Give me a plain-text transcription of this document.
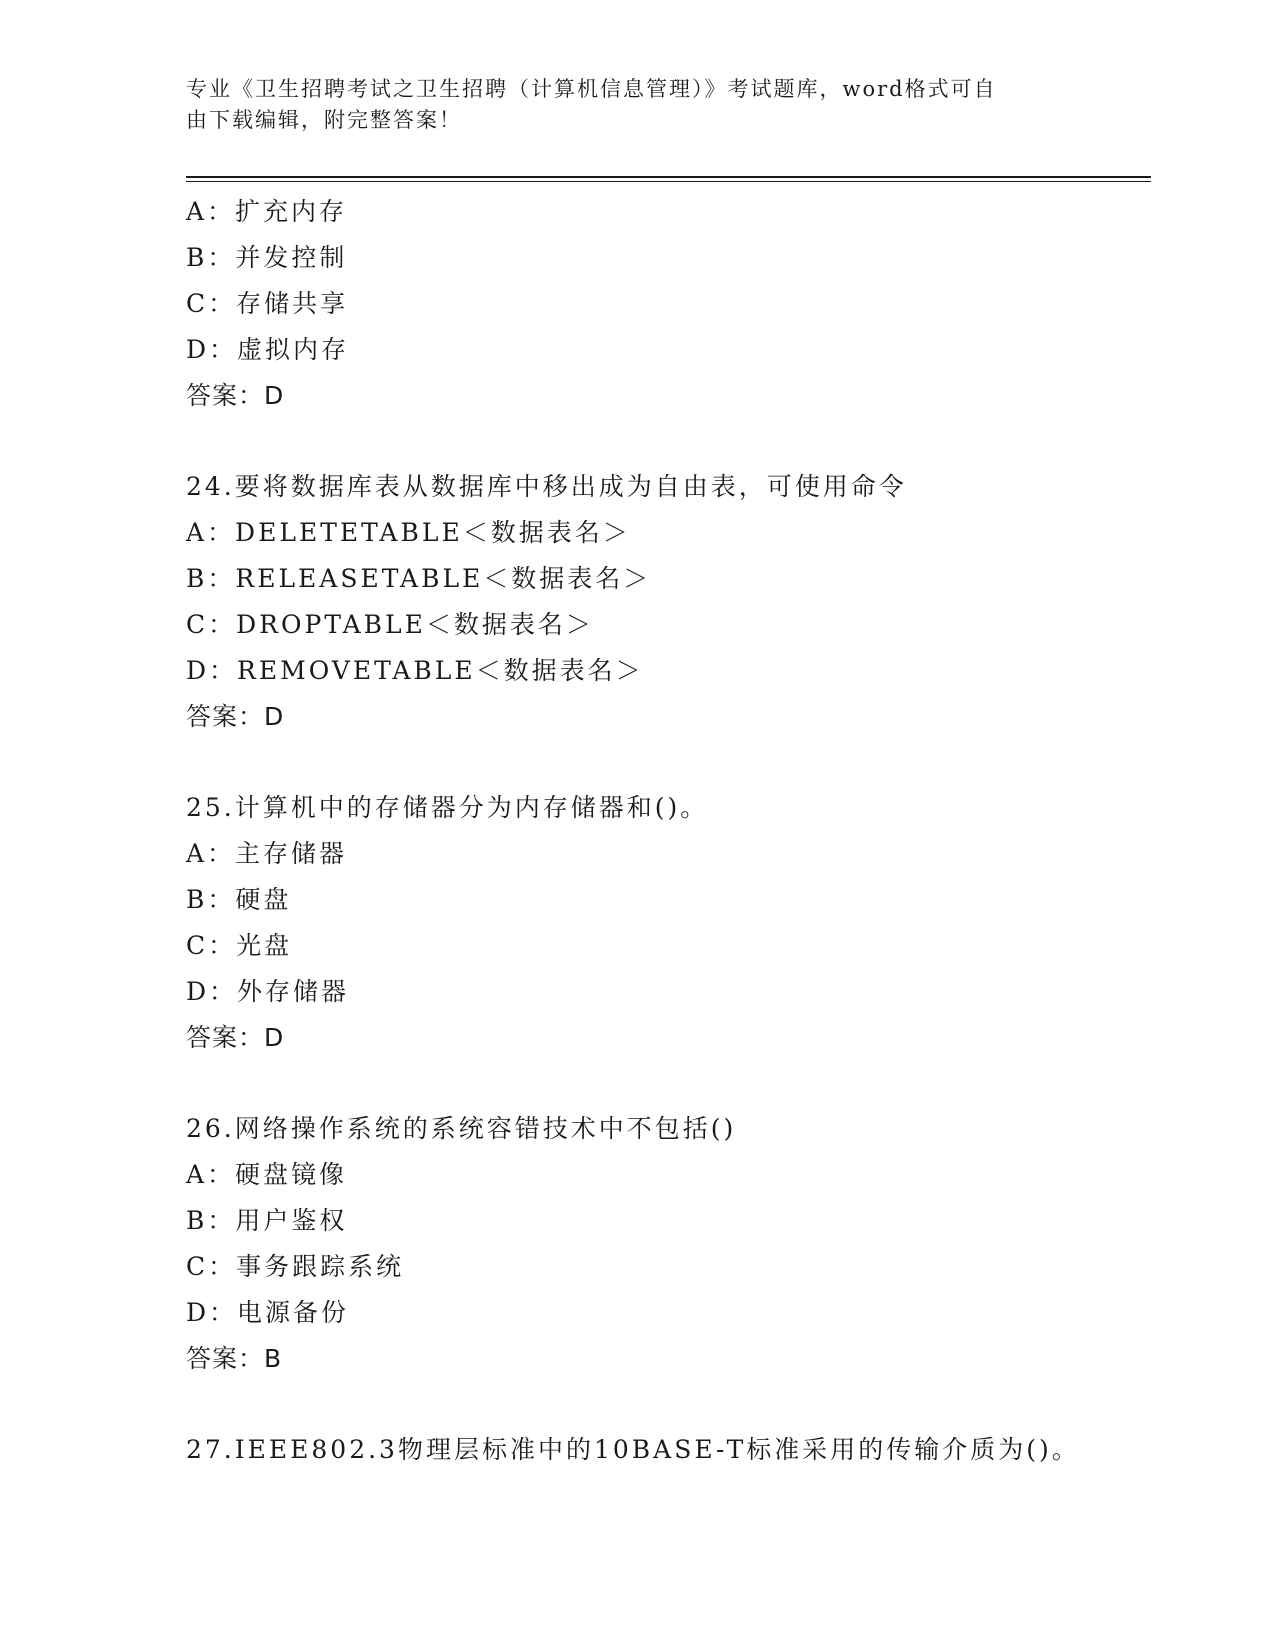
专业《卫生招聘考试之卫生招聘（计算机信息管理）》考试题库，word格式可自
由下载编辑，附完整答案！
A：扩充内存
B：并发控制
C：存储共享
D：虚拟内存
答案：D
24.要将数据库表从数据库中移出成为自由表，可使用命令
A：DELETETABLE＜数据表名＞
B：RELEASETABLE＜数据表名＞
C：DROPTABLE＜数据表名＞
D：REMOVETABLE＜数据表名＞
答案：D
25.计算机中的存储器分为内存储器和()。
A：主存储器
B：硬盘
C：光盘
D：外存储器
答案：D
26.网络操作系统的系统容错技术中不包括()
A：硬盘镜像
B：用户鉴权
C：事务跟踪系统
D：电源备份
答案：B
27.IEEE802.3物理层标准中的10BASE-T标准采用的传输介质为()。
